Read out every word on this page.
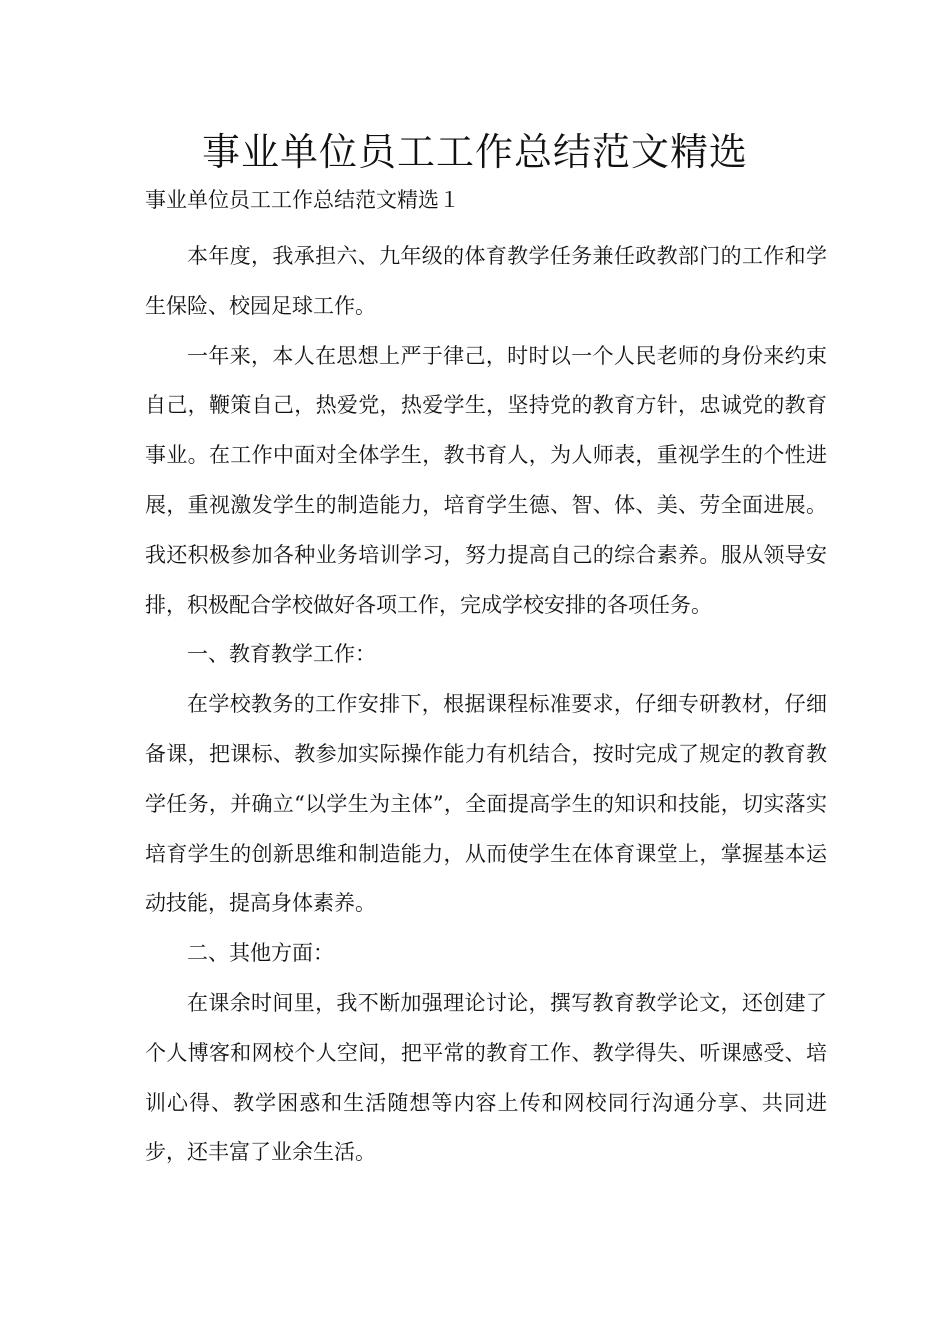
事业单位员工工作总结范文精选
事业单位员工工作总结范文精选１

本年度，我承担六、九年级的体育教学任务兼任政教部门的工作和学生保险、校园足球工作。

一年来，本人在思想上严于律己，时时以一个人民老师的身份来约束自己，鞭策自己，热爱党，热爱学生，坚持党的教育方针，忠诚党的教育事业。在工作中面对全体学生，教书育人，为人师表，重视学生的个性进展，重视激发学生的制造能力，培育学生德、智、体、美、劳全面进展。我还积极参加各种业务培训学习，努力提高自己的综合素养。服从领导安排，积极配合学校做好各项工作，完成学校安排的各项任务。

一、教育教学工作：

在学校教务的工作安排下，根据课程标准要求，仔细专研教材，仔细备课，把课标、教参加实际操作能力有机结合，按时完成了规定的教育教学任务，并确立“以学生为主体”，全面提高学生的知识和技能，切实落实培育学生的创新思维和制造能力，从而使学生在体育课堂上，掌握基本运动技能，提高身体素养。

二、其他方面：

在课余时间里，我不断加强理论讨论，撰写教育教学论文，还创建了个人博客和网校个人空间，把平常的教育工作、教学得失、听课感受、培训心得、教学困惑和生活随想等内容上传和网校同行沟通分享、共同进步，还丰富了业余生活。
